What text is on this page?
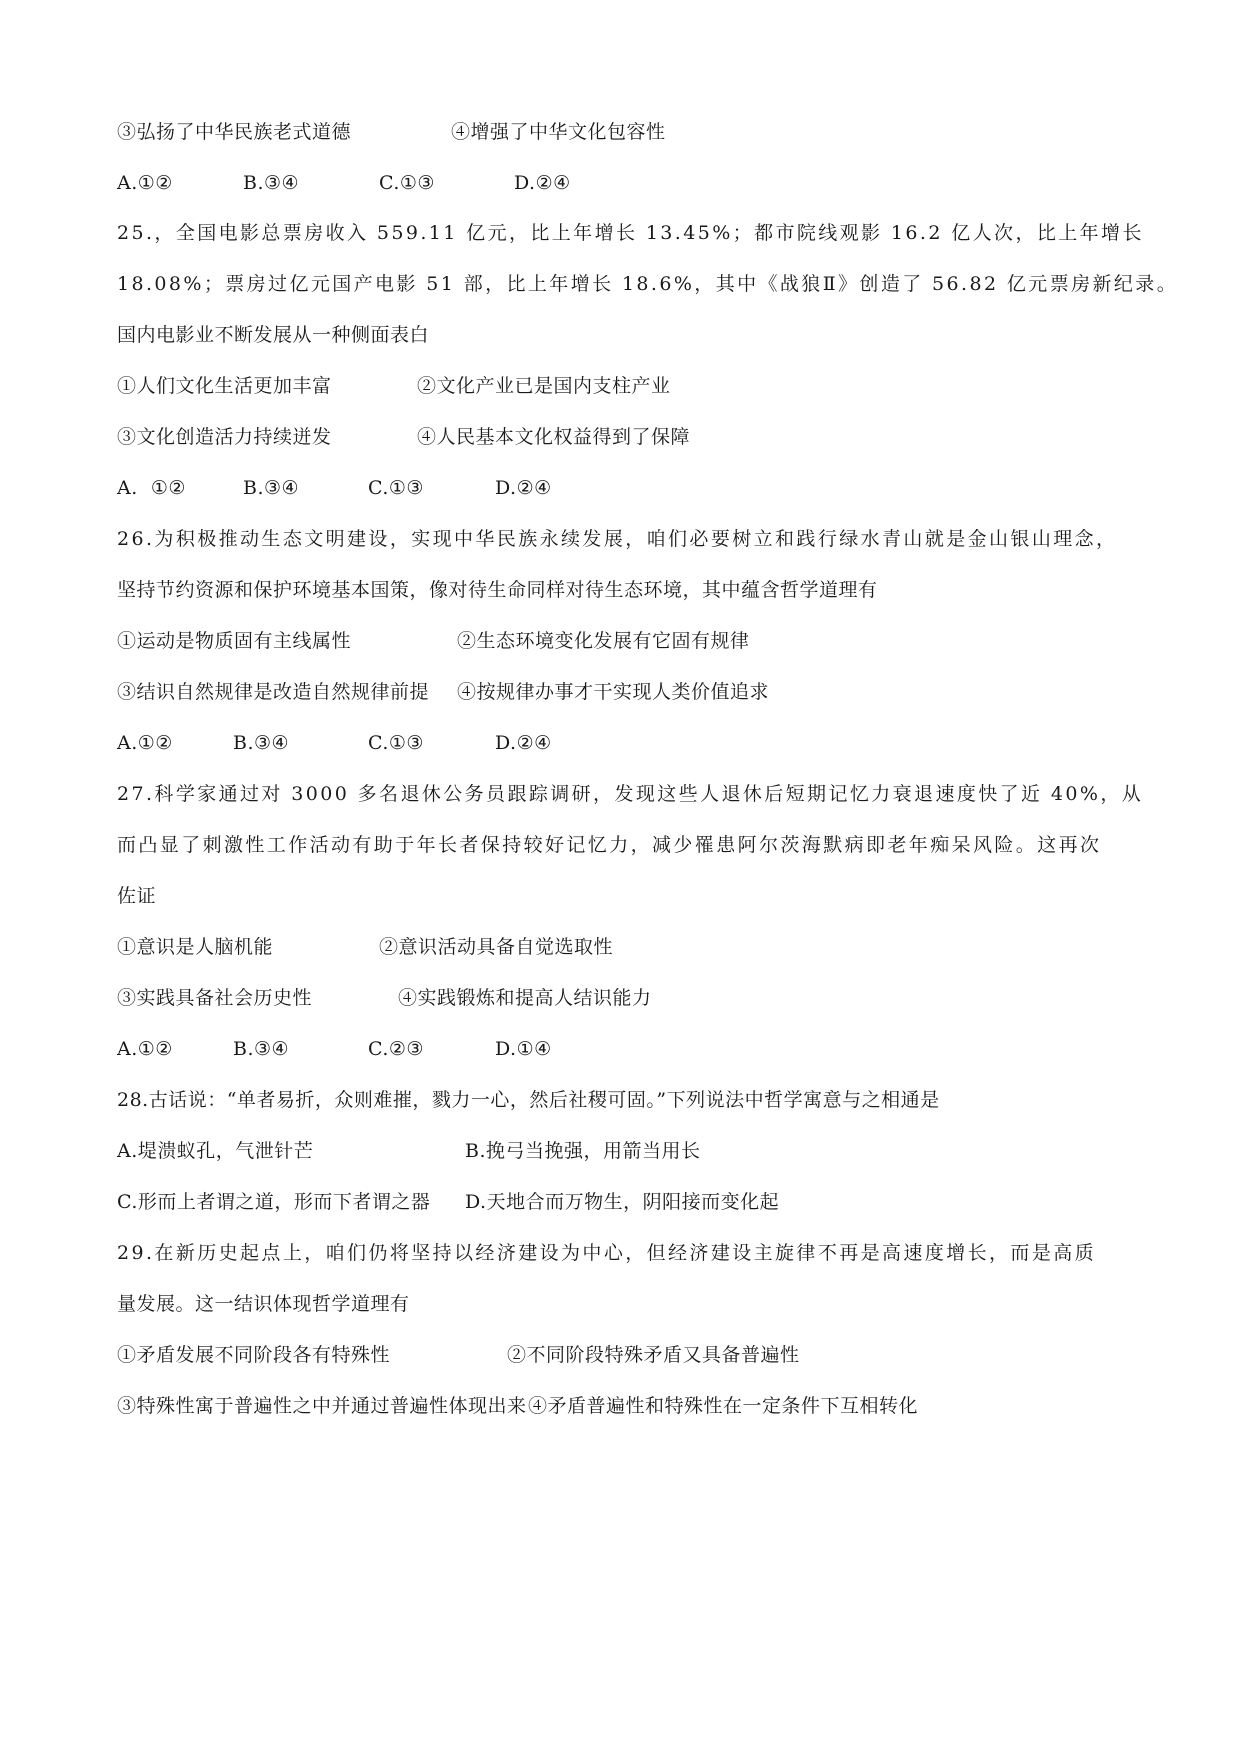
③弘扬了中华民族老式道德

	④增强了中华文化包容性

A.①②

	B.③④

	C.①③

	D.②④

25.，全国电影总票房收入 559.11 亿元，比上年增长 13.45%；都市院线观影 16.2 亿人次，比上年增长
18.08%；票房过亿元国产电影 51 部，比上年增长 18.6%，其中《战狼Ⅱ》创造了 56.82 亿元票房新纪录。
国内电影业不断发展从一种侧面表白

①人们文化生活更加丰富

	②文化产业已是国内支柱产业

③文化创造活力持续迸发

	④人民基本文化权益得到了保障

A.  ①②

	B.③④

	C.①③

	D.②④

26.为积极推动生态文明建设，实现中华民族永续发展，咱们必要树立和践行绿水青山就是金山银山理念，
坚持节约资源和保护环境基本国策，像对待生命同样对待生态环境，其中蕴含哲学道理有

①运动是物质固有主线属性

	②生态环境变化发展有它固有规律

③结识自然规律是改造自然规律前提

④按规律办事才干实现人类价值追求

A.①②

	B.③④

	C.①③

	D.②④

27.科学家通过对 3000 多名退休公务员跟踪调研，发现这些人退休后短期记忆力衰退速度快了近 40%，从
而凸显了刺激性工作活动有助于年长者保持较好记忆力，减少罹患阿尔茨海默病即老年痴呆风险。这再次
佐证

①意识是人脑机能

	②意识活动具备自觉选取性

③实践具备社会历史性

	④实践锻炼和提高人结识能力

A.①②

	B.③④

	C.②③

	D.①④

28.古话说：“单者易折，众则难摧，戮力一心，然后社稷可固。”下列说法中哲学寓意与之相通是

A.堤溃蚁孔，气泄针芒

	B.挽弓当挽强，用箭当用长

C.形而上者谓之道，形而下者谓之器

D.天地合而万物生，阴阳接而变化起

29.在新历史起点上，咱们仍将坚持以经济建设为中心，但经济建设主旋律不再是高速度增长，而是高质
量发展。这一结识体现哲学道理有

①矛盾发展不同阶段各有特殊性

	②不同阶段特殊矛盾又具备普遍性

③特殊性寓于普遍性之中并通过普遍性体现出来

④矛盾普遍性和特殊性在一定条件下互相转化
